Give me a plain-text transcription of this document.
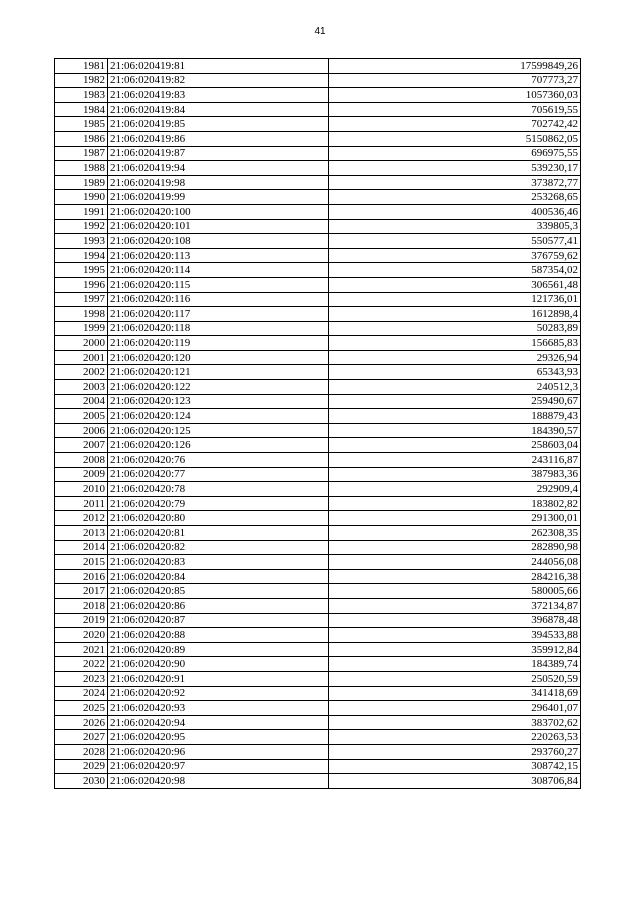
41
1981	21:06:020419:81	17599849,26
1982	21:06:020419:82	707773,27
1983	21:06:020419:83	1057360,03
1984	21:06:020419:84	705619,55
1985	21:06:020419:85	702742,42
1986	21:06:020419:86	5150862,05
1987	21:06:020419:87	696975,55
1988	21:06:020419:94	539230,17
1989	21:06:020419:98	373872,77
1990	21:06:020419:99	253268,65
1991	21:06:020420:100	400536,46
1992	21:06:020420:101	339805,3
1993	21:06:020420:108	550577,41
1994	21:06:020420:113	376759,62
1995	21:06:020420:114	587354,02
1996	21:06:020420:115	306561,48
1997	21:06:020420:116	121736,01
1998	21:06:020420:117	1612898,4
1999	21:06:020420:118	50283,89
2000	21:06:020420:119	156685,83
2001	21:06:020420:120	29326,94
2002	21:06:020420:121	65343,93
2003	21:06:020420:122	240512,3
2004	21:06:020420:123	259490,67
2005	21:06:020420:124	188879,43
2006	21:06:020420:125	184390,57
2007	21:06:020420:126	258603,04
2008	21:06:020420:76	243116,87
2009	21:06:020420:77	387983,36
2010	21:06:020420:78	292909,4
2011	21:06:020420:79	183802,82
2012	21:06:020420:80	291300,01
2013	21:06:020420:81	262308,35
2014	21:06:020420:82	282890,98
2015	21:06:020420:83	244056,08
2016	21:06:020420:84	284216,38
2017	21:06:020420:85	580005,66
2018	21:06:020420:86	372134,87
2019	21:06:020420:87	396878,48
2020	21:06:020420:88	394533,88
2021	21:06:020420:89	359912,84
2022	21:06:020420:90	184389,74
2023	21:06:020420:91	250520,59
2024	21:06:020420:92	341418,69
2025	21:06:020420:93	296401,07
2026	21:06:020420:94	383702,62
2027	21:06:020420:95	220263,53
2028	21:06:020420:96	293760,27
2029	21:06:020420:97	308742,15
2030	21:06:020420:98	308706,84
